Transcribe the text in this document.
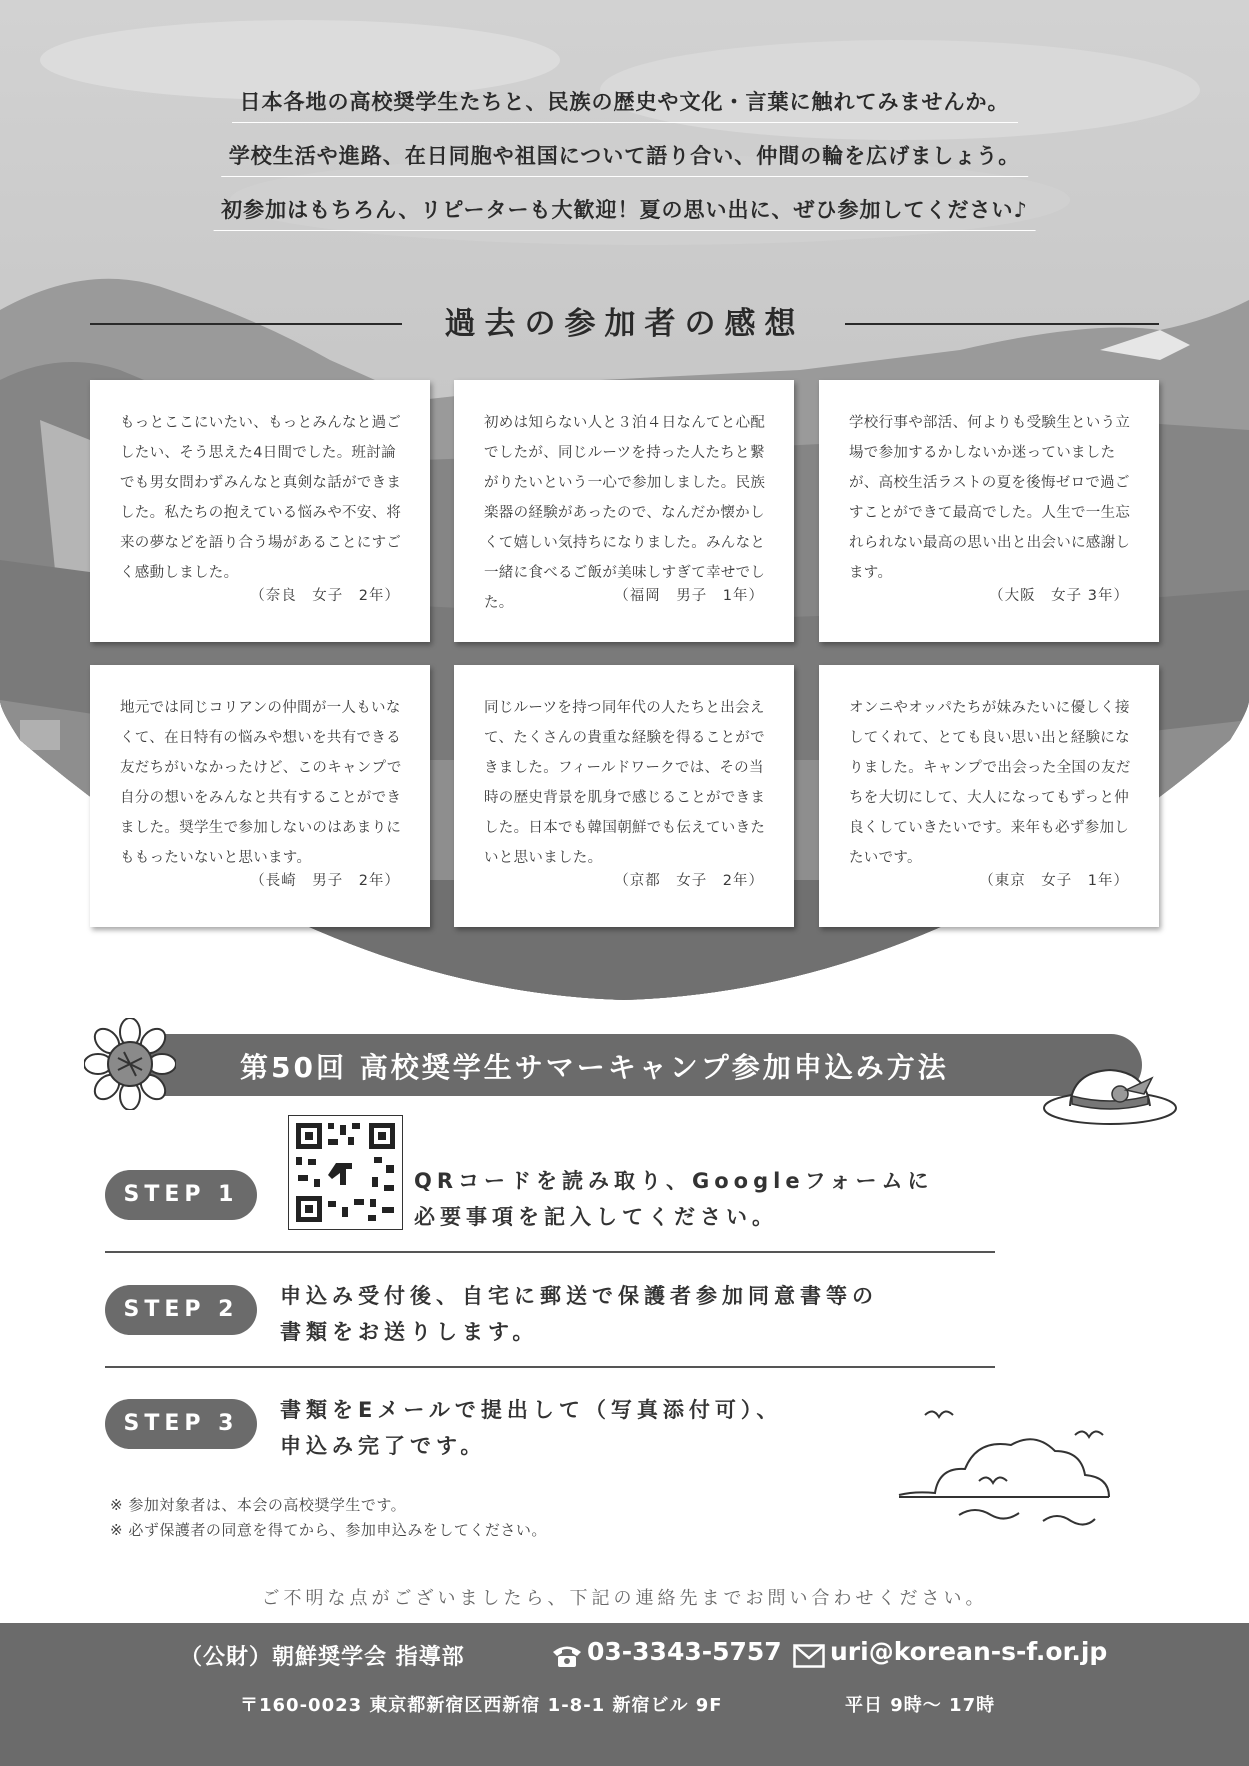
日本各地の高校奨学生たちと、民族の歴史や文化・言葉に触れてみませんか。
学校生活や進路、在日同胞や祖国について語り合い、仲間の輪を広げましょう。
初参加はもちろん、リピーターも大歓迎！夏の思い出に、ぜひ参加してください♪
過去の参加者の感想
もっとここにいたい、もっとみんなと過ごしたい、そう思えた4日間でした。班討論でも男女問わずみんなと真剣な話ができました。私たちの抱えている悩みや不安、将来の夢などを語り合う場があることにすごく感動しました。
（奈良　女子　2年）
初めは知らない人と３泊４日なんてと心配でしたが、同じルーツを持った人たちと繋がりたいという一心で参加しました。民族楽器の経験があったので、なんだか懐かしくて嬉しい気持ちになりました。みんなと一緒に食べるご飯が美味しすぎて幸せでした。	（福岡　男子　1年）
学校行事や部活、何よりも受験生という立場で参加するかしないか迷っていましたが、高校生活ラストの夏を後悔ゼロで過ごすことができて最高でした。人生で一生忘れられない最高の思い出と出会いに感謝します。
（大阪　女子 3年）
地元では同じコリアンの仲間が一人もいなくて、在日特有の悩みや想いを共有できる友だちがいなかったけど、このキャンプで自分の想いをみんなと共有することができました。奨学生で参加しないのはあまりにももったいないと思います。
（長崎　男子　2年）
同じルーツを持つ同年代の人たちと出会えて、たくさんの貴重な経験を得ることができました。フィールドワークでは、その当時の歴史背景を肌身で感じることができました。日本でも韓国朝鮮でも伝えていきたいと思いました。
（京都　女子　2年）
オンニやオッパたちが妹みたいに優しく接してくれて、とても良い思い出と経験になりました。キャンプで出会った全国の友だちを大切にして、大人になってもずっと仲良くしていきたいです。来年も必ず参加したいです。
（東京　女子　1年）
第50回 高校奨学生サマーキャンプ参加申込み方法
STEP 1
QRコードを読み取り、Googleフォームに
必要事項を記入してください。
STEP 2
申込み受付後、自宅に郵送で保護者参加同意書等の
書類をお送りします。
STEP 3
書類をEメールで提出して（写真添付可）、
申込み完了です。
※ 参加対象者は、本会の高校奨学生です。
※ 必ず保護者の同意を得てから、参加申込みをしてください。
ご不明な点がございましたら、下記の連絡先までお問い合わせください。
（公財）朝鮮奨学会 指導部	03-3343-5757 uri@korean-s-f.or.jp
〒160-0023 東京都新宿区西新宿 1-8-1 新宿ビル 9F	平日 9時～ 17時
